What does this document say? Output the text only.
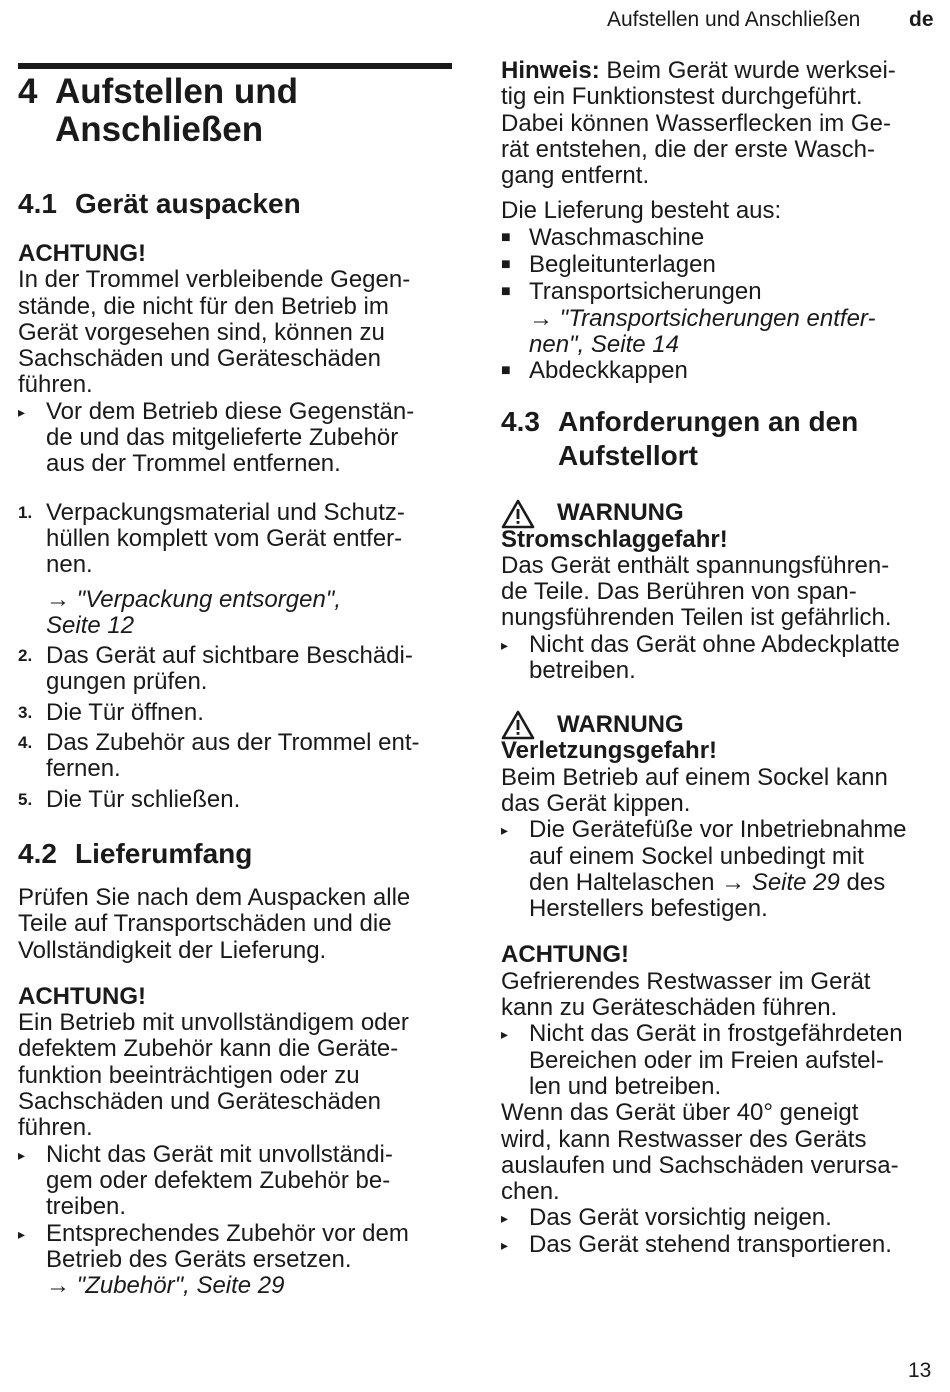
Aufstellen und Anschließen de
4 Aufstellen und
Anschließen
4.1 Gerät auspacken
ACHTUNG!
In der Trommel verbleibende Gegen-
stände, die nicht für den Betrieb im
Gerät vorgesehen sind, können zu
Sachschäden und Geräteschäden
führen.
▸ Vor dem Betrieb diese Gegenstän-
de und das mitgelieferte Zubehör
aus der Trommel entfernen.
1. Verpackungsmaterial und Schutz-
hüllen komplett vom Gerät entfer-
nen.
→ "Verpackung entsorgen",
Seite 12
2. Das Gerät auf sichtbare Beschädi-
gungen prüfen.
3. Die Tür öffnen.
4. Das Zubehör aus der Trommel ent-
fernen.
5. Die Tür schließen.
4.2 Lieferumfang
Prüfen Sie nach dem Auspacken alle
Teile auf Transportschäden und die
Vollständigkeit der Lieferung.
ACHTUNG!
Ein Betrieb mit unvollständigem oder
defektem Zubehör kann die Geräte-
funktion beeinträchtigen oder zu
Sachschäden und Geräteschäden
führen.
▸ Nicht das Gerät mit unvollständi-
gem oder defektem Zubehör be-
treiben.
▸ Entsprechendes Zubehör vor dem
Betrieb des Geräts ersetzen.
→ "Zubehör", Seite 29
Hinweis: Beim Gerät wurde werksei-
tig ein Funktionstest durchgeführt.
Dabei können Wasserflecken im Ge-
rät entstehen, die der erste Wasch-
gang entfernt.
Die Lieferung besteht aus:
■ Waschmaschine
■ Begleitunterlagen
■ Transportsicherungen
→ "Transportsicherungen entfer-
nen", Seite 14
■ Abdeckkappen
4.3 Anforderungen an den
Aufstellort
WARNUNG
Stromschlaggefahr!
Das Gerät enthält spannungsführen-
de Teile. Das Berühren von span-
nungsführenden Teilen ist gefährlich.
▸ Nicht das Gerät ohne Abdeckplatte
betreiben.
WARNUNG
Verletzungsgefahr!
Beim Betrieb auf einem Sockel kann
das Gerät kippen.
▸ Die Gerätefüße vor Inbetriebnahme
auf einem Sockel unbedingt mit
den Haltelaschen → Seite 29 des
Herstellers befestigen.
ACHTUNG!
Gefrierendes Restwasser im Gerät
kann zu Geräteschäden führen.
▸ Nicht das Gerät in frostgefährdeten
Bereichen oder im Freien aufstel-
len und betreiben.
Wenn das Gerät über 40° geneigt
wird, kann Restwasser des Geräts
auslaufen und Sachschäden verursa-
chen.
▸ Das Gerät vorsichtig neigen.
▸ Das Gerät stehend transportieren.
13
